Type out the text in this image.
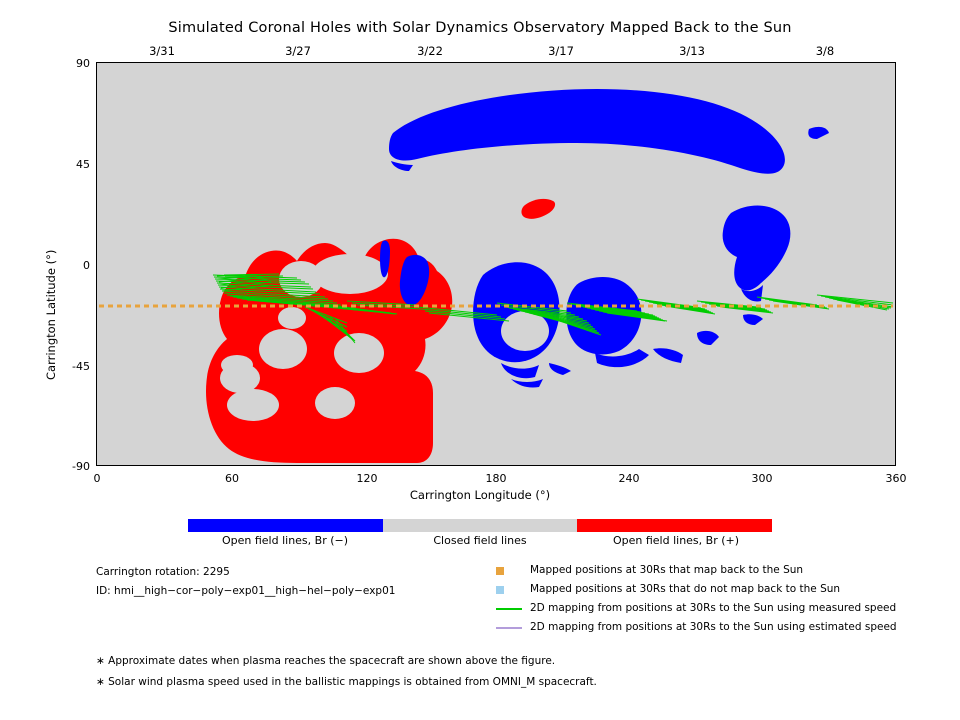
Simulated Coronal Holes with Solar Dynamics Observatory Mapped Back to the Sun
3/31	3/27	3/22	3/17	3/13	3/8
90
45
0
-45
-90
Carrington Latitude (°)
0	60	120	180	240	300	360
Carrington Longitude (°)
Open field lines, Br (−)	Closed field lines	Open field lines, Br (+)
Carrington rotation: 2295
ID: hmi__high−cor−poly−exp01__high−hel−poly−exp01
Mapped positions at 30Rs that map back to the Sun
Mapped positions at 30Rs that do not map back to the Sun
2D mapping from positions at 30Rs to the Sun using measured speed
2D mapping from positions at 30Rs to the Sun using estimated speed
∗ Approximate dates when plasma reaches the spacecraft are shown above the figure.
∗ Solar wind plasma speed used in the ballistic mappings is obtained from OMNI_M spacecraft.
